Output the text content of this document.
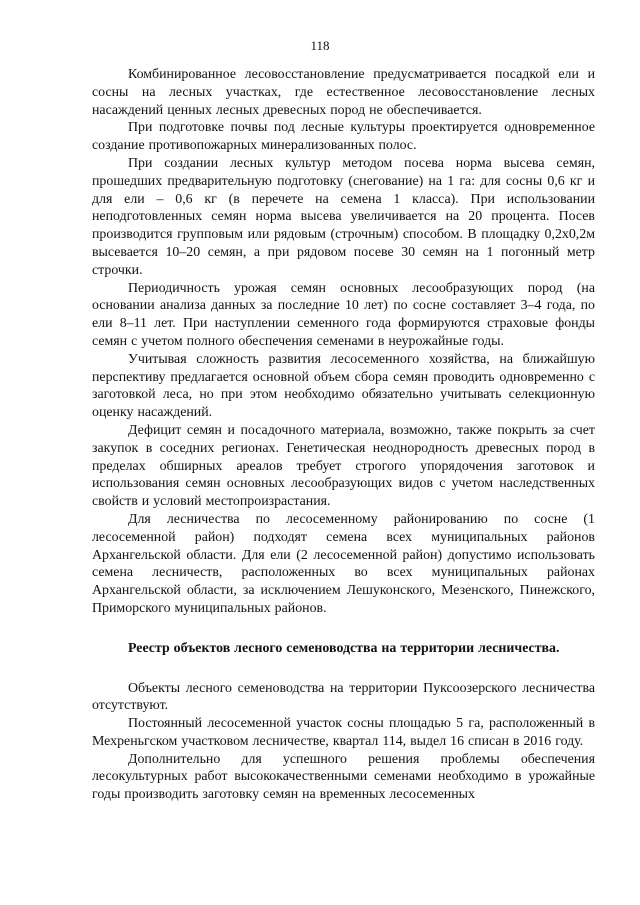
118

Комбинированное лесовосстановление предусматривается посадкой ели и сосны на лесных участках, где естественное лесовосстановление лесных насаждений ценных лесных древесных пород не обеспечивается.

При подготовке почвы под лесные культуры проектируется одновременное создание противопожарных минерализованных полос.

При создании лесных культур методом посева норма высева семян, прошедших предварительную подготовку (снегование) на 1 га: для сосны 0,6 кг и для ели – 0,6 кг (в перечете на семена 1 класса). При использовании неподготовленных семян норма высева увеличивается на 20 процента. Посев производится групповым или рядовым (строчным) способом. В площадку 0,2х0,2м высевается 10–20 семян, а при рядовом посеве 30 семян на 1 погонный метр строчки.

Периодичность урожая семян основных лесообразующих пород (на основании анализа данных за последние 10 лет) по сосне составляет 3–4 года, по ели 8–11 лет. При наступлении семенного года формируются страховые фонды семян с учетом полного обеспечения семенами в неурожайные годы.

Учитывая сложность развития лесосеменного хозяйства, на ближайшую перспективу предлагается основной объем сбора семян проводить одновременно с заготовкой леса, но при этом необходимо обязательно учитывать селекционную оценку насаждений.

Дефицит семян и посадочного материала, возможно, также покрыть за счет закупок в соседних регионах. Генетическая неоднородность древесных пород в пределах обширных ареалов требует строгого упорядочения заготовок и использования семян основных лесообразующих видов с учетом наследственных свойств и условий местопроизрастания.

Для лесничества по лесосеменному районированию по сосне (1 лесосеменной район) подходят семена всех муниципальных районов Архангельской области. Для ели (2 лесосеменной район) допустимо использовать семена лесничеств, расположенных во всех муниципальных районах Архангельской области, за исключением Лешуконского, Мезенского, Пинежского, Приморского муниципальных районов.

Реестр объектов лесного семеноводства на территории лесничества.

Объекты лесного семеноводства на территории Пуксоозерского лесничества отсутствуют.

Постоянный лесосеменной участок сосны площадью 5 га, расположенный в Мехреньгском участковом лесничестве, квартал 114, выдел 16 списан в 2016 году.

Дополнительно для успешного решения проблемы обеспечения лесокультурных работ высококачественными семенами необходимо в урожайные годы производить заготовку семян на временных лесосеменных
